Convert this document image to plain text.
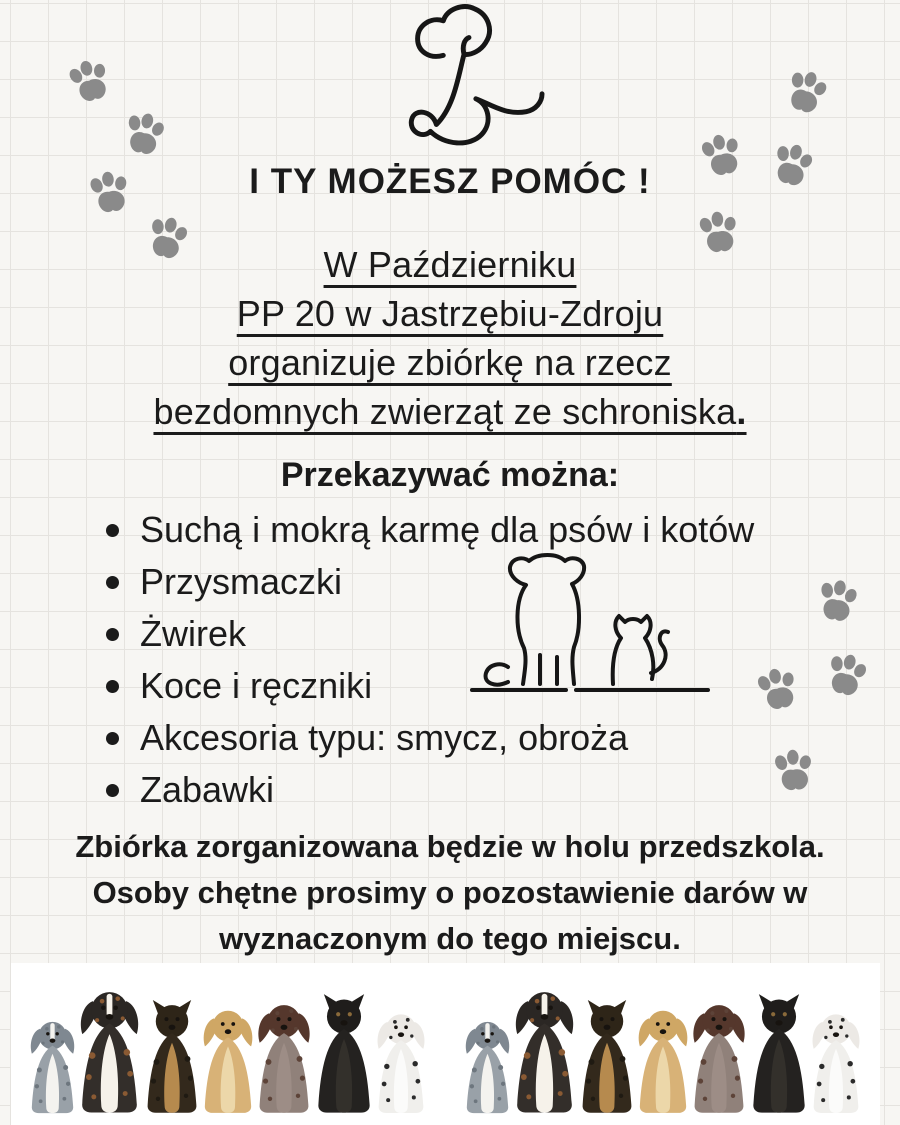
I TY MOŻESZ POMÓC !
W Październiku
PP 20 w Jastrzębiu-Zdroju
organizuje zbiórkę na rzecz
bezdomnych zwierząt ze schroniska.
Przekazywać można:
Suchą i mokrą karmę dla psów i kotów
Przysmaczki
Żwirek
Koce i ręczniki
Akcesoria typu: smycz, obroża
Zabawki
Zbiórka zorganizowana będzie w holu przedszkola.
Osoby chętne prosimy o pozostawienie darów w
wyznaczonym do tego miejscu.
